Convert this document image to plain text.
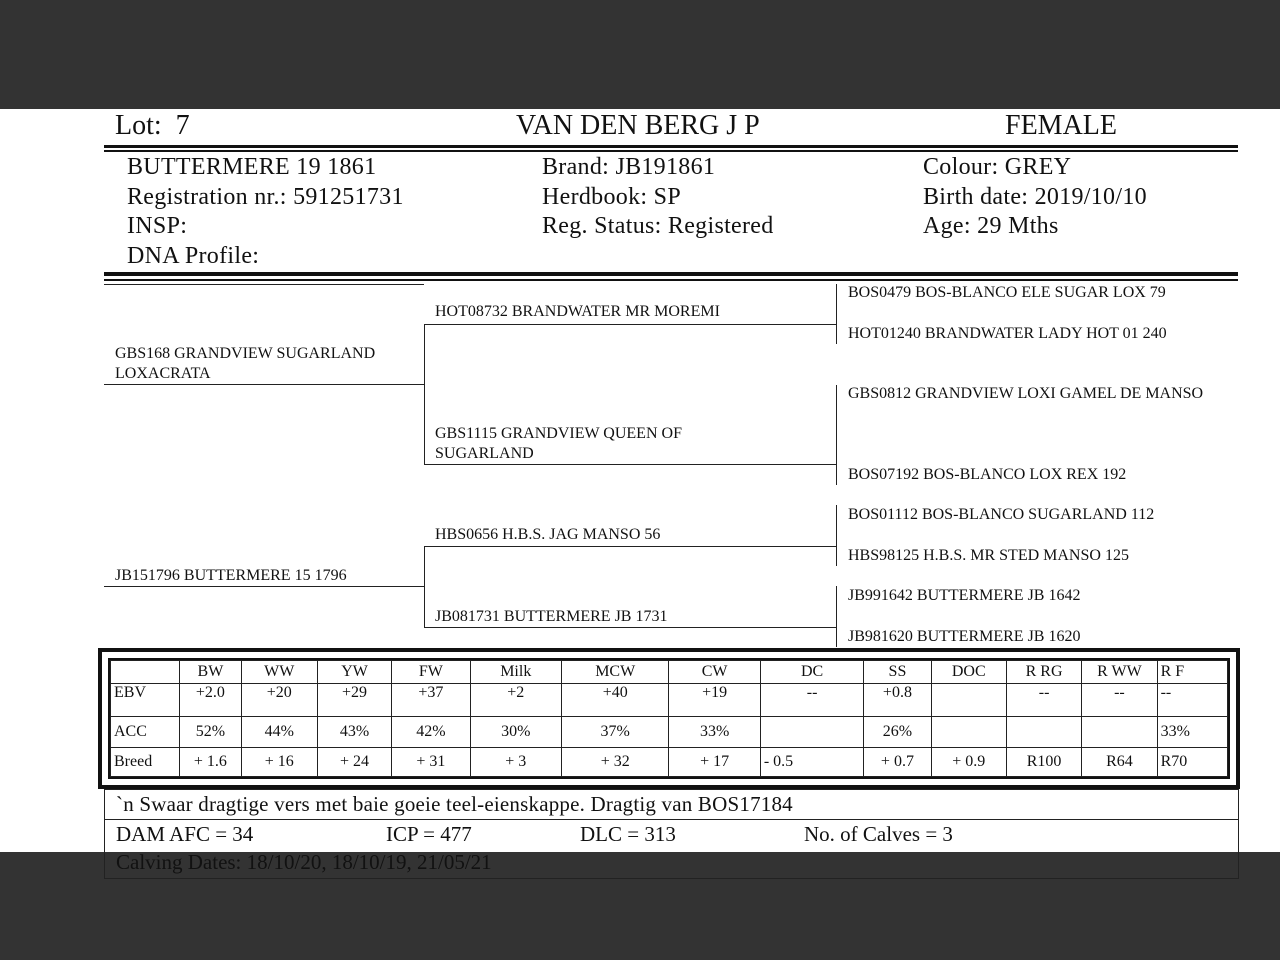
Lot: 7	VAN DEN BERG J P	FEMALE
BUTTERMERE 19 1861
Registration nr.: 591251731
INSP:
DNA Profile:
Brand: JB191861
Herdbook: SP
Reg. Status: Registered
Colour: GREY
Birth date: 2019/10/10
Age: 29 Mths
GBS168 GRANDVIEW SUGARLAND LOXACRATA
JB151796 BUTTERMERE 15 1796
HOT08732 BRANDWATER MR MOREMI
GBS1115 GRANDVIEW QUEEN OF SUGARLAND
HBS0656 H.B.S. JAG MANSO 56
JB081731 BUTTERMERE JB 1731
BOS0479 BOS-BLANCO ELE SUGAR LOX 79
HOT01240 BRANDWATER LADY HOT 01 240
GBS0812 GRANDVIEW LOXI GAMEL DE MANSO
BOS07192 BOS-BLANCO LOX REX 192
BOS01112 BOS-BLANCO SUGARLAND 112
HBS98125 H.B.S. MR STED MANSO 125
JB991642 BUTTERMERE JB 1642
JB981620 BUTTERMERE JB 1620
	BW	WW	YW	FW	Milk	MCW	CW	DC	SS	DOC	R RG	R WW	R F
EBV	+2.0	+20	+29	+37	+2	+40	+19	--	+0.8		--	--	--
ACC	52%	44%	43%	42%	30%	37%	33%		26%				33%
Breed	+ 1.6	+ 16	+ 24	+ 31	+ 3	+ 32	+ 17	- 0.5	+ 0.7	+ 0.9	R100	R64	R70
`n Swaar dragtige vers met baie goeie teel-eienskappe. Dragtig van BOS17184
DAM AFC = 34	ICP = 477	DLC = 313	No. of Calves = 3
Calving Dates: 18/10/20, 18/10/19, 21/05/21
